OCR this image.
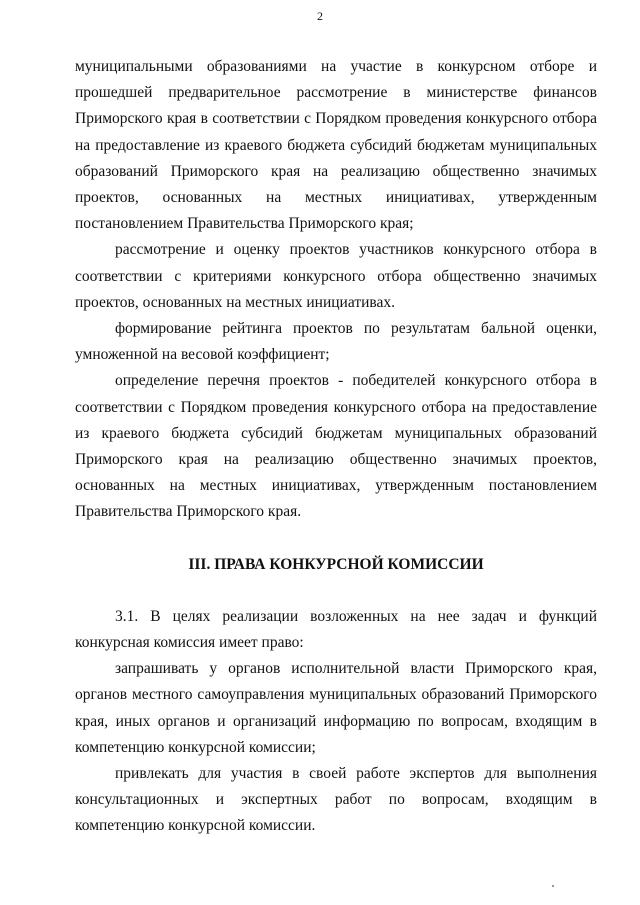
2

муниципальными образованиями на участие в конкурсном отборе и прошедшей предварительное рассмотрение в министерстве финансов Приморского края в соответствии с Порядком проведения конкурсного отбора на предоставление из краевого бюджета субсидий бюджетам муниципальных образований Приморского края на реализацию общественно значимых проектов, основанных на местных инициативах, утвержденным постановлением Правительства Приморского края;

рассмотрение и оценку проектов участников конкурсного отбора в соответствии с критериями конкурсного отбора общественно значимых проектов, основанных на местных инициативах.

формирование рейтинга проектов по результатам бальной оценки, умноженной на весовой коэффициент;

определение перечня проектов - победителей конкурсного отбора в соответствии с Порядком проведения конкурсного отбора на предоставление из краевого бюджета субсидий бюджетам муниципальных образований Приморского края на реализацию общественно значимых проектов, основанных на местных инициативах, утвержденным постановлением Правительства Приморского края.

III. ПРАВА КОНКУРСНОЙ КОМИССИИ

3.1. В целях реализации возложенных на нее задач и функций конкурсная комиссия имеет право:

запрашивать у органов исполнительной власти Приморского края, органов местного самоуправления муниципальных образований Приморского края, иных органов и организаций информацию по вопросам, входящим в компетенцию конкурсной комиссии;

привлекать для участия в своей работе экспертов для выполнения консультационных и экспертных работ по вопросам, входящим в компетенцию конкурсной комиссии.
